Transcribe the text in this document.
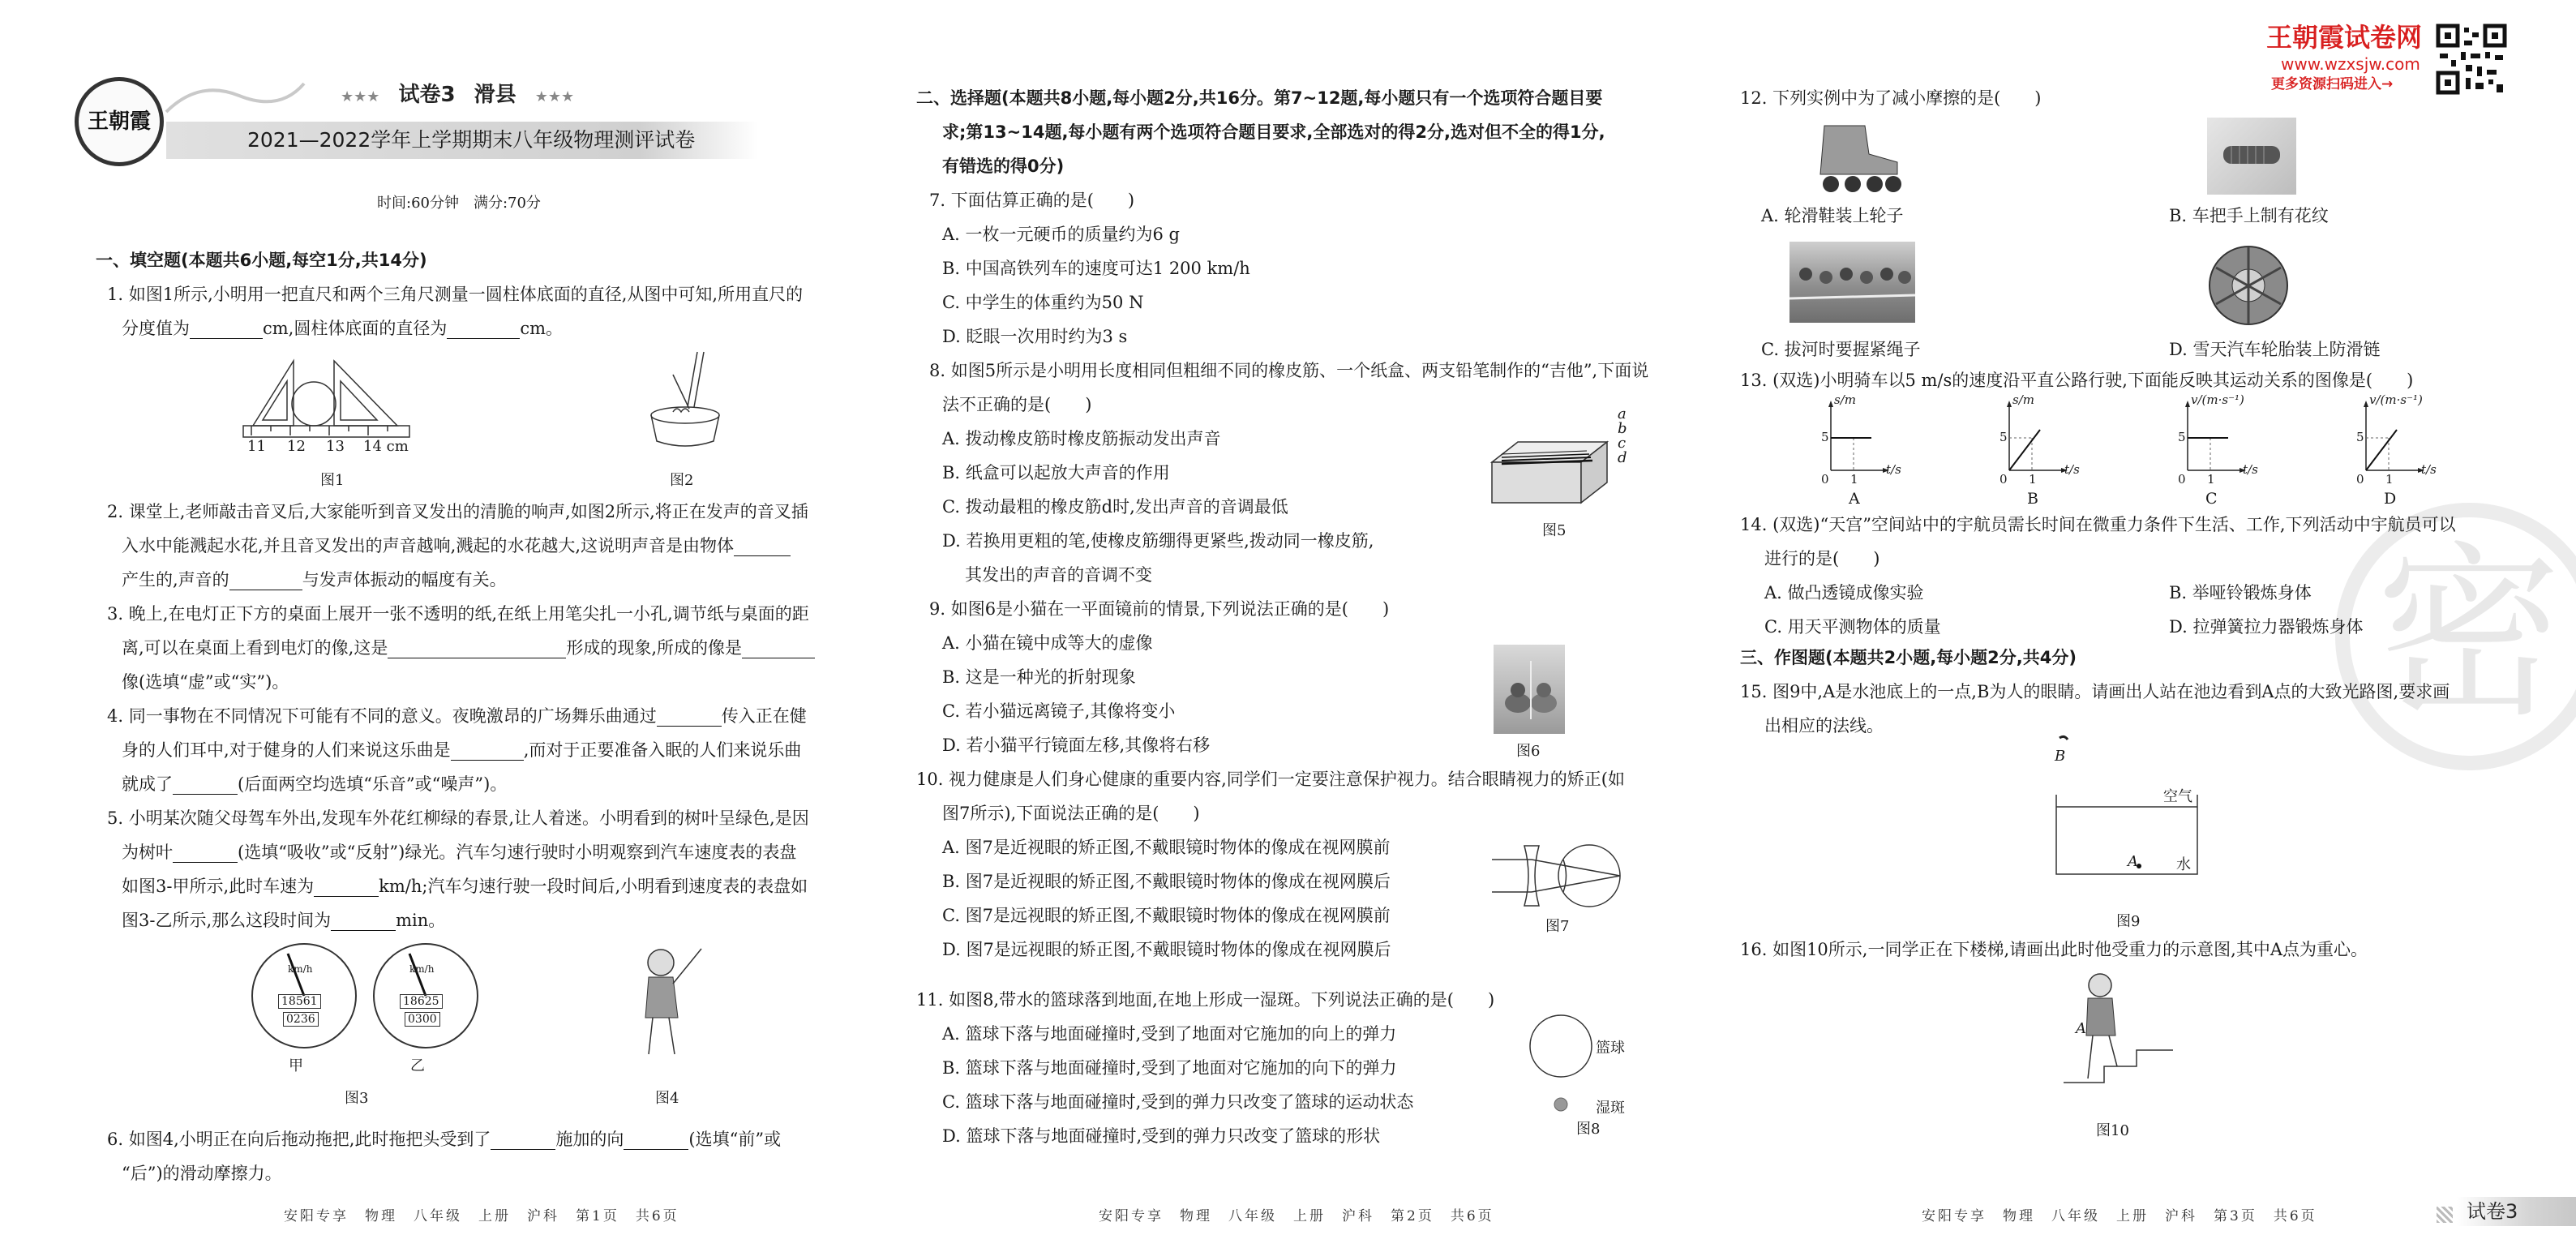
密
王朝霞
★★★ 试卷3 滑县 ★★★
2021—2022学年上学期期末八年级物理测评试卷
时间:60分钟　满分:70分
王朝霞试卷网
www.wzxsjw.com
更多资源扫码进入→
一、填空题(本题共6小题,每空1分,共14分)
1. 如图1所示,小明用一把直尺和两个三角尺测量一圆柱体底面的直径,从图中可知,所用直尺的
分度值为	cm,圆柱体底面的直径为	cm。
11 12 13 14 cm
图1	图2
2. 课堂上,老师敲击音叉后,大家能听到音叉发出的清脆的响声,如图2所示,将正在发声的音叉插
入水中能溅起水花,并且音叉发出的声音越响,溅起的水花越大,这说明声音是由物体
产生的,声音的	与发声体振动的幅度有关。
3. 晚上,在电灯正下方的桌面上展开一张不透明的纸,在纸上用笔尖扎一小孔,调节纸与桌面的距
离,可以在桌面上看到电灯的像,这是	形成的现象,所成的像是
像(选填“虚”或“实”)。
4. 同一事物在不同情况下可能有不同的意义。夜晚激昂的广场舞乐曲通过	传入正在健
身的人们耳中,对于健身的人们来说这乐曲是	,而对于正要准备入眠的人们来说乐曲
就成了	(后面两空均选填“乐音”或“噪声”)。
5. 小明某次随父母驾车外出,发现车外花红柳绿的春景,让人着迷。小明看到的树叶呈绿色,是因
为树叶	(选填“吸收”或“反射”)绿光。汽车匀速行驶时小明观察到汽车速度表的表盘
如图3-甲所示,此时车速为	km/h;汽车匀速行驶一段时间后,小明看到速度表的表盘如
图3-乙所示,那么这段时间为	min。
km/h
18561
0236
甲
km/h
18625
0300
乙
图3	图4
6. 如图4,小明正在向后拖动拖把,此时拖把头受到了	施加的向	(选填“前”或
“后”)的滑动摩擦力。
安阳专享　物理　八年级　上册　沪科　第1页　共6页
二、选择题(本题共8小题,每小题2分,共16分。第7~12题,每小题只有一个选项符合题目要
求;第13~14题,每小题有两个选项符合题目要求,全部选对的得2分,选对但不全的得1分,
有错选的得0分)
7. 下面估算正确的是(　　)
A. 一枚一元硬币的质量约为6 g
B. 中国高铁列车的速度可达1 200 km/h
C. 中学生的体重约为50 N
D. 眨眼一次用时约为3 s
8. 如图5所示是小明用长度相同但粗细不同的橡皮筋、一个纸盒、两支铅笔制作的“吉他”,下面说
法不正确的是(　　)
A. 拨动橡皮筋时橡皮筋振动发出声音
B. 纸盒可以起放大声音的作用
C. 拨动最粗的橡皮筋d时,发出声音的音调最低
D. 若换用更粗的笔,使橡皮筋绷得更紧些,拨动同一橡皮筋,
其发出的声音的音调不变
a
b
c
d
图5
9. 如图6是小猫在一平面镜前的情景,下列说法正确的是(　　)
A. 小猫在镜中成等大的虚像
B. 这是一种光的折射现象
C. 若小猫远离镜子,其像将变小
D. 若小猫平行镜面左移,其像将右移	图6
10. 视力健康是人们身心健康的重要内容,同学们一定要注意保护视力。结合眼睛视力的矫正(如
图7所示),下面说法正确的是(　　)
A. 图7是近视眼的矫正图,不戴眼镜时物体的像成在视网膜前
B. 图7是近视眼的矫正图,不戴眼镜时物体的像成在视网膜后
C. 图7是远视眼的矫正图,不戴眼镜时物体的像成在视网膜前
D. 图7是远视眼的矫正图,不戴眼镜时物体的像成在视网膜后
图7
11. 如图8,带水的篮球落到地面,在地上形成一湿斑。下列说法正确的是(　　)
A. 篮球下落与地面碰撞时,受到了地面对它施加的向上的弹力
B. 篮球下落与地面碰撞时,受到了地面对它施加的向下的弹力
C. 篮球下落与地面碰撞时,受到的弹力只改变了篮球的运动状态
D. 篮球下落与地面碰撞时,受到的弹力只改变了篮球的形状
篮球
湿斑
图8
安阳专享　物理　八年级　上册　沪科　第2页　共6页
12. 下列实例中为了减小摩擦的是(　　)
A. 轮滑鞋装上轮子	B. 车把手上制有花纹
C. 拔河时要握紧绳子	D. 雪天汽车轮胎装上防滑链
13. (双选)小明骑车以5 m/s的速度沿平直公路行驶,下面能反映其运动关系的图像是(　　)
s/m
t/s
5
1
0
A
s/m
t/s
5
1
0
B
v/(m·s⁻¹)
t/s
5
1
0
C
v/(m·s⁻¹)
t/s
5
1
0
D
14. (双选)“天宫”空间站中的宇航员需长时间在微重力条件下生活、工作,下列活动中宇航员可以
进行的是(　　)
A. 做凸透镜成像实验	B. 举哑铃锻炼身体
C. 用天平测物体的质量	D. 拉弹簧拉力器锻炼身体
三、作图题(本题共2小题,每小题2分,共4分)
15. 图9中,A是水池底上的一点,B为人的眼睛。请画出人站在池边看到A点的大致光路图,要求画
出相应的法线。
B
空气
A	水
图9
16. 如图10所示,一同学正在下楼梯,请画出此时他受重力的示意图,其中A点为重心。
A
图10
安阳专享　物理　八年级　上册　沪科　第3页　共6页	试卷3
